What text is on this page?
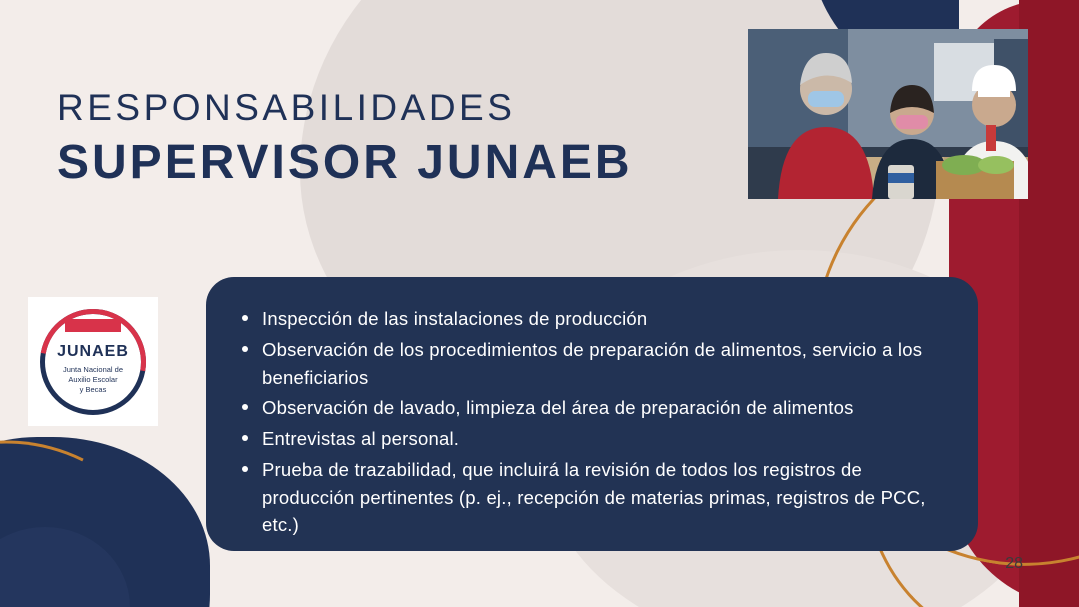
RESPONSABILIDADES
SUPERVISOR JUNAEB
JUNAEB
Junta Nacional de
Auxilio Escolar
y Becas
Inspección de las instalaciones de producción
Observación de los procedimientos de preparación de alimentos, servicio a los beneficiarios
Observación de lavado, limpieza del área de preparación de alimentos
Entrevistas al personal.
Prueba de trazabilidad, que incluirá la revisión de todos los registros de producción pertinentes (p. ej., recepción de materias primas, registros de PCC, etc.)
28
